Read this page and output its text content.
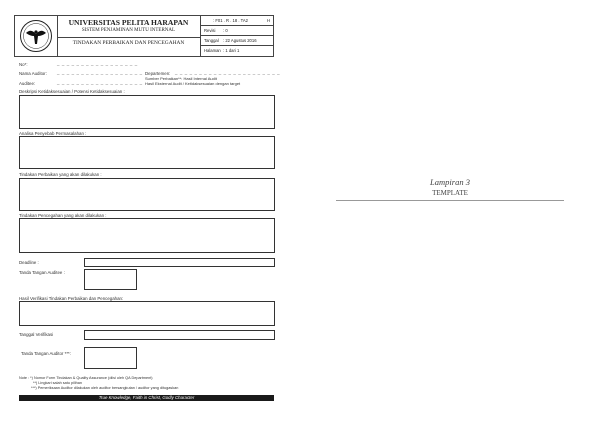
UNIVERSITAS PELITA HARAPAN
SISTEM PENJAMINAN MUTU INTERNAL
TINDAKAN PERBAIKAN DAN PENCEGAHAN
: F01 . R . 18 . TA2	H
Revisi : 0
Tanggal : 22 Agustus 2016
Halaman : 1 dari 1
No*:	_ _ _ _ _ _ _ _ _ _ _ _ _ _ _ _ _
Nama Auditor: _ _ _ _ _ _ _ _ _ _ _ _ _ _ _ _ _ _ Departemen: _ _ _ _ _ _ _ _ _ _ _ _ _ _ _ _ _ _ _ _ _ _
Sumber Perbaikan**: Hasil Internal Audit
Hasil Eksternal Audit / Ketidaksesuaian dengan target
Auditee:	_ _ _ _ _ _ _ _ _ _ _ _ _ _ _ _ _ _
Deskripsi Ketidaksesuaian / Potensi Ketidaksesuaian :
Analisa Penyebab Permasalahan :
Tindakan Perbaikan yang akan dilakukan :
Tindakan Pencegahan yang akan dilakukan :
Deadline :
Tanda Tangan Auditee :
Hasil Verifikasi Tindakan Perbaikan dan Pencegahan:
Tanggal Verifikasi
Tanda Tangan Auditor ***:
Note : *) Nomor Form Tindakan & Quality Assurance (diisi oleh QA Department)
**) Lingkari salah satu pilihan
***) Pemeriksaan Auditor dilakukan oleh auditor bersangkutan / auditor yang ditugaskan
True Knowledge, Faith in Christ, Godly Character
Lampiran 3
TEMPLATE
